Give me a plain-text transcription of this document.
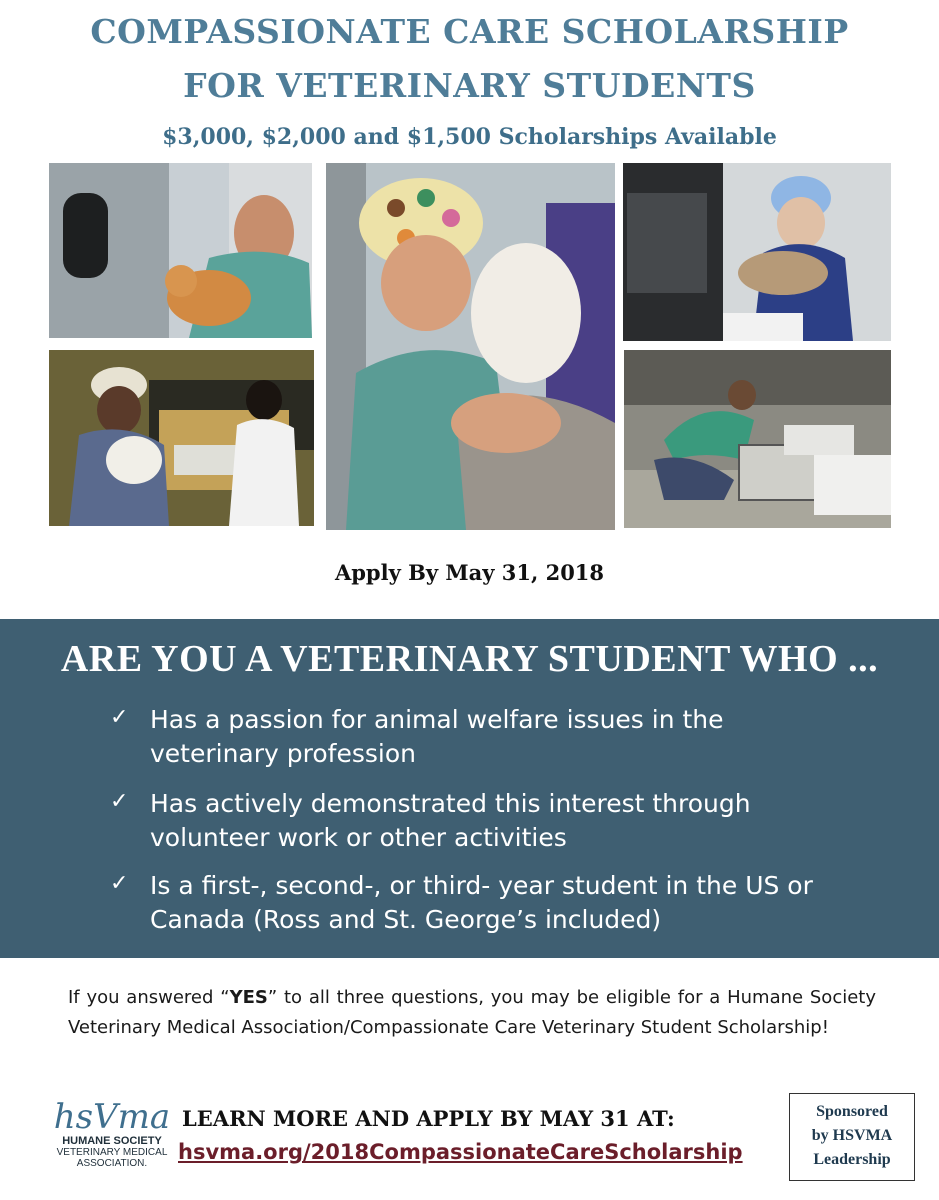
COMPASSIONATE CARE SCHOLARSHIP
FOR VETERINARY STUDENTS
$3,000, $2,000 and $1,500 Scholarships Available
Apply By May 31, 2018
ARE YOU A VETERINARY STUDENT WHO ...
✓ Has a passion for animal welfare issues in the veterinary profession
✓ Has actively demonstrated this interest through volunteer work or other activities
✓ Is a first-, second-, or third- year student in the US or Canada (Ross and St. George’s included)
If you answered “YES” to all three questions, you may be eligible for a Humane Society Veterinary Medical Association/Compassionate Care Veterinary Student Scholarship!
hsVma
HUMANE SOCIETY
VETERINARY MEDICAL
ASSOCIATION.
LEARN MORE AND APPLY BY MAY 31 AT:
hsvma.org/2018CompassionateCareScholarship
Sponsored
by HSVMA
Leadership
